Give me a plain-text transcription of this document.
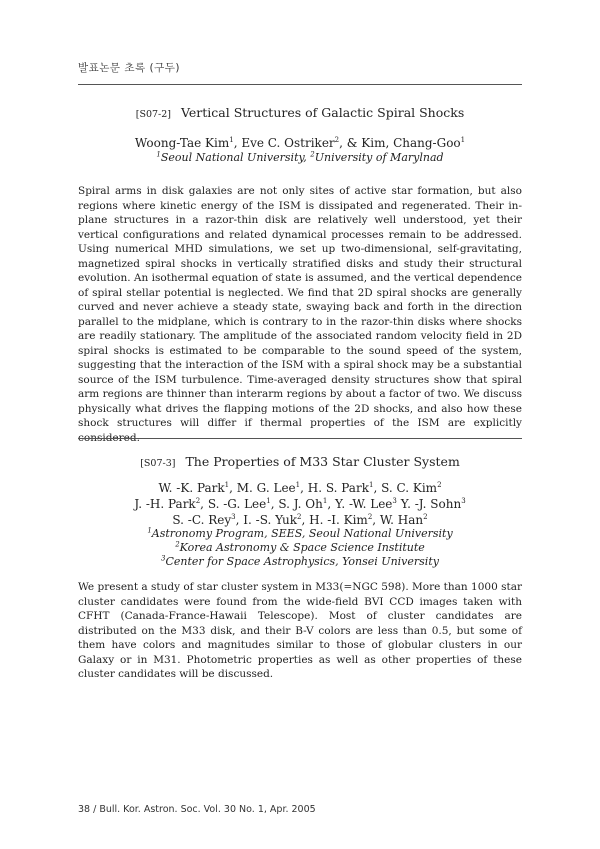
발표논문 초록 (구두)
[S07-2] Vertical Structures of Galactic Spiral Shocks
Woong-Tae Kim$^1$, Eve C. Ostriker$^2$, & Kim, Chang-Goo$^1$
$^1$Seoul National University, $^2$University of Marylnad

Spiral arms in disk galaxies are not only sites of active star formation, but also regions where kinetic energy of the ISM is dissipated and regenerated. Their in-plane structures in a razor-thin disk are relatively well understood, yet their vertical configurations and related dynamical processes remain to be addressed. Using numerical MHD simulations, we set up two-dimensional, self-gravitating, magnetized spiral shocks in vertically stratified disks and study their structural evolution. An isothermal equation of state is assumed, and the vertical dependence of spiral stellar potential is neglected. We find that 2D spiral shocks are generally curved and never achieve a steady state, swaying back and forth in the direction parallel to the midplane, which is contrary to in the razor-thin disks where shocks are readily stationary. The amplitude of the associated random velocity field in 2D spiral shocks is estimated to be comparable to the sound speed of the system, suggesting that the interaction of the ISM with a spiral shock may be a substantial source of the ISM turbulence. Time-averaged density structures show that spiral arm regions are thinner than interarm regions by about a factor of two. We discuss physically what drives the flapping motions of the 2D shocks, and also how these shock structures will differ if thermal properties of the ISM are explicitly considered.

[S07-3] The Properties of M33 Star Cluster System
W. -K. Park$^1$, M. G. Lee$^1$, H. S. Park$^1$, S. C. Kim$^2$
J. -H. Park$^2$, S. -G. Lee$^1$, S. J. Oh$^1$, Y. -W. Lee$^3$ Y. -J. Sohn$^3$
S. -C. Rey$^3$, I. -S. Yuk$^2$, H. -I. Kim$^2$, W. Han$^2$
$^1$Astronomy Program, SEES, Seoul National University
$^2$Korea Astronomy & Space Science Institute
$^3$Center for Space Astrophysics, Yonsei University

We present a study of star cluster system in M33(=NGC 598). More than 1000 star cluster candidates were found from the wide-field BVI CCD images taken with CFHT (Canada-France-Hawaii Telescope). Most of cluster candidates are distributed on the M33 disk, and their B-V colors are less than 0.5, but some of them have colors and magnitudes similar to those of globular clusters in our Galaxy or in M31. Photometric properties as well as other properties of these cluster candidates will be discussed.

38 / Bull. Kor. Astron. Soc. Vol. 30 No. 1, Apr. 2005
